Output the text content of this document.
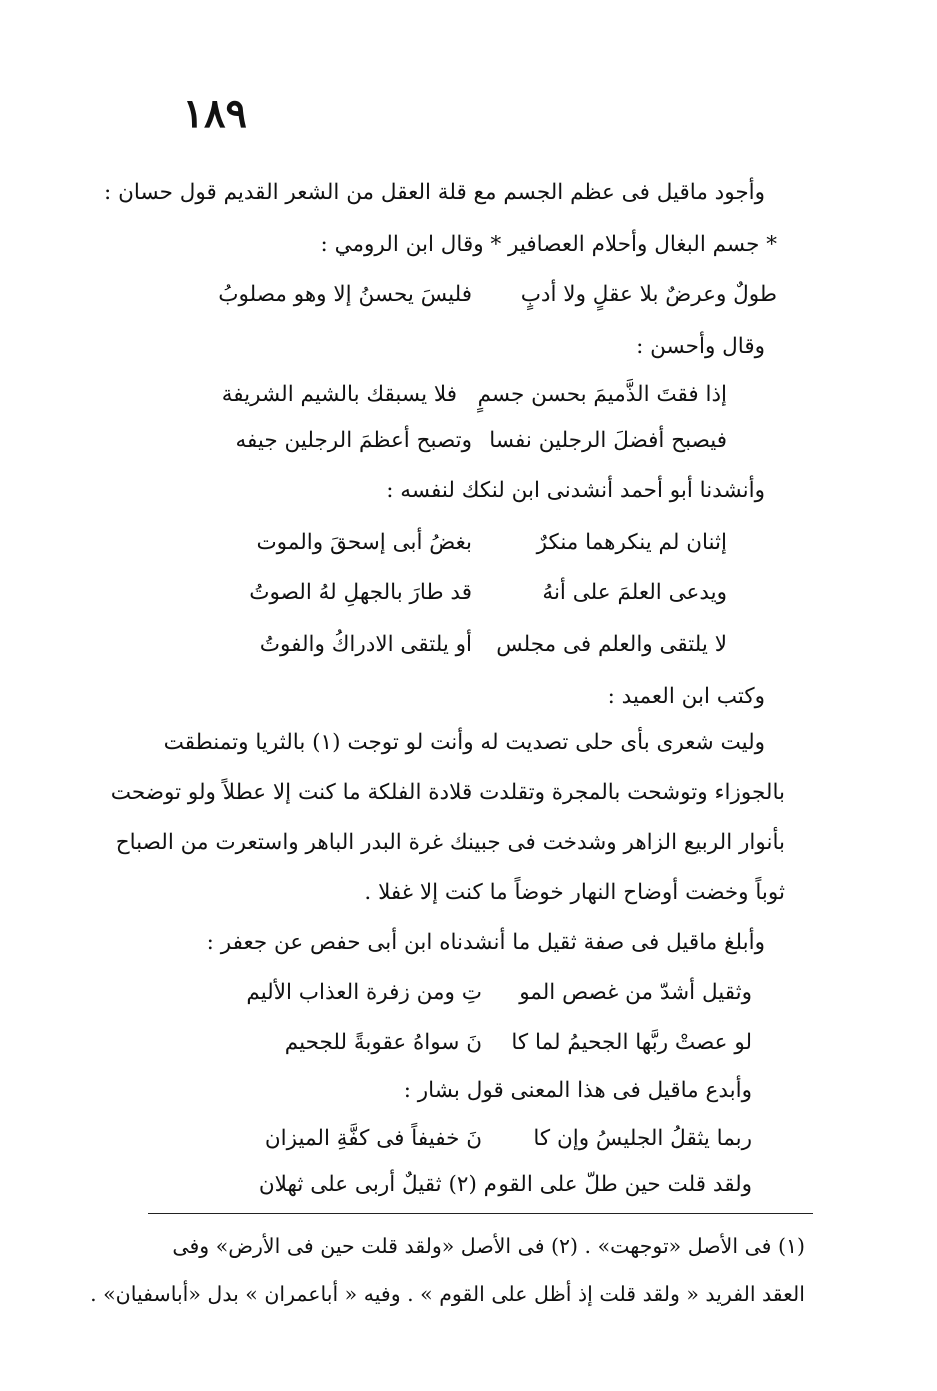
١٨٩
وأجود ماقيل فى عظم الجسم مع قلة العقل من الشعر القديم قول حسان :
* جسم البغال وأحلام العصافير * وقال ابن الرومي :
طولٌ وعرضٌ بلا عقلٍ ولا أدبٍ
فليسَ يحسنُ إلا وهو مصلوبُ
وقال وأحسن :
إذا فقتَ الذَّميمَ بحسن جسمٍ
فلا يسبقك بالشيم الشريفة
فيصبح أفضلَ الرجلين نفسا
وتصبح أعظمَ الرجلين جيفه
وأنشدنا أبو أحمد أنشدنى ابن لنكك لنفسه :
إثنان لم ينكرهما منكرٌ
بغضُ أبى إسحقَ والموت
ويدعى العلمَ على أنهُ
قد طارَ بالجهلِ لهُ الصوتُ
لا يلتقى والعلم فى مجلس
أو يلتقى الادراكُ والفوتُ
وكتب ابن العميد :
وليت شعرى بأى حلى تصديت له وأنت لو توجت (١) بالثريا وتمنطقت
بالجوزاء وتوشحت بالمجرة وتقلدت قلادة الفلكة ما كنت إلا عطلاً ولو توضحت
بأنوار الربيع الزاهر وشدخت فى جبينك غرة البدر الباهر واستعرت من الصباح
ثوباً وخضت أوضاح النهار خوضاً ما كنت إلا غفلا .
وأبلغ ماقيل فى صفة ثقيل ما أنشدناه ابن أبى حفص عن جعفر :
وثقيل أشدّ من غصص المو
تِ ومن زفرة العذاب الأليم
لو عصتْ ربَّها الجحيمُ لما كا
نَ سواهُ عقوبةً للجحيم
وأبدع ماقيل فى هذا المعنى قول بشار :
ربما يثقلُ الجليسُ وإن كا
نَ خفيفاً فى كفَّةِ الميزان
ولقد قلت حين طلّ على القو
م (٢) ثقيلٌ أربى على ثهلان
(١) فى الأصل «توجهت» . (٢) فى الأصل «ولقد قلت حين فى الأرض» وفى
العقد الفريد « ولقد قلت إذ أظل على القوم » . وفيه « أباعمران » بدل «أباسفيان» .
